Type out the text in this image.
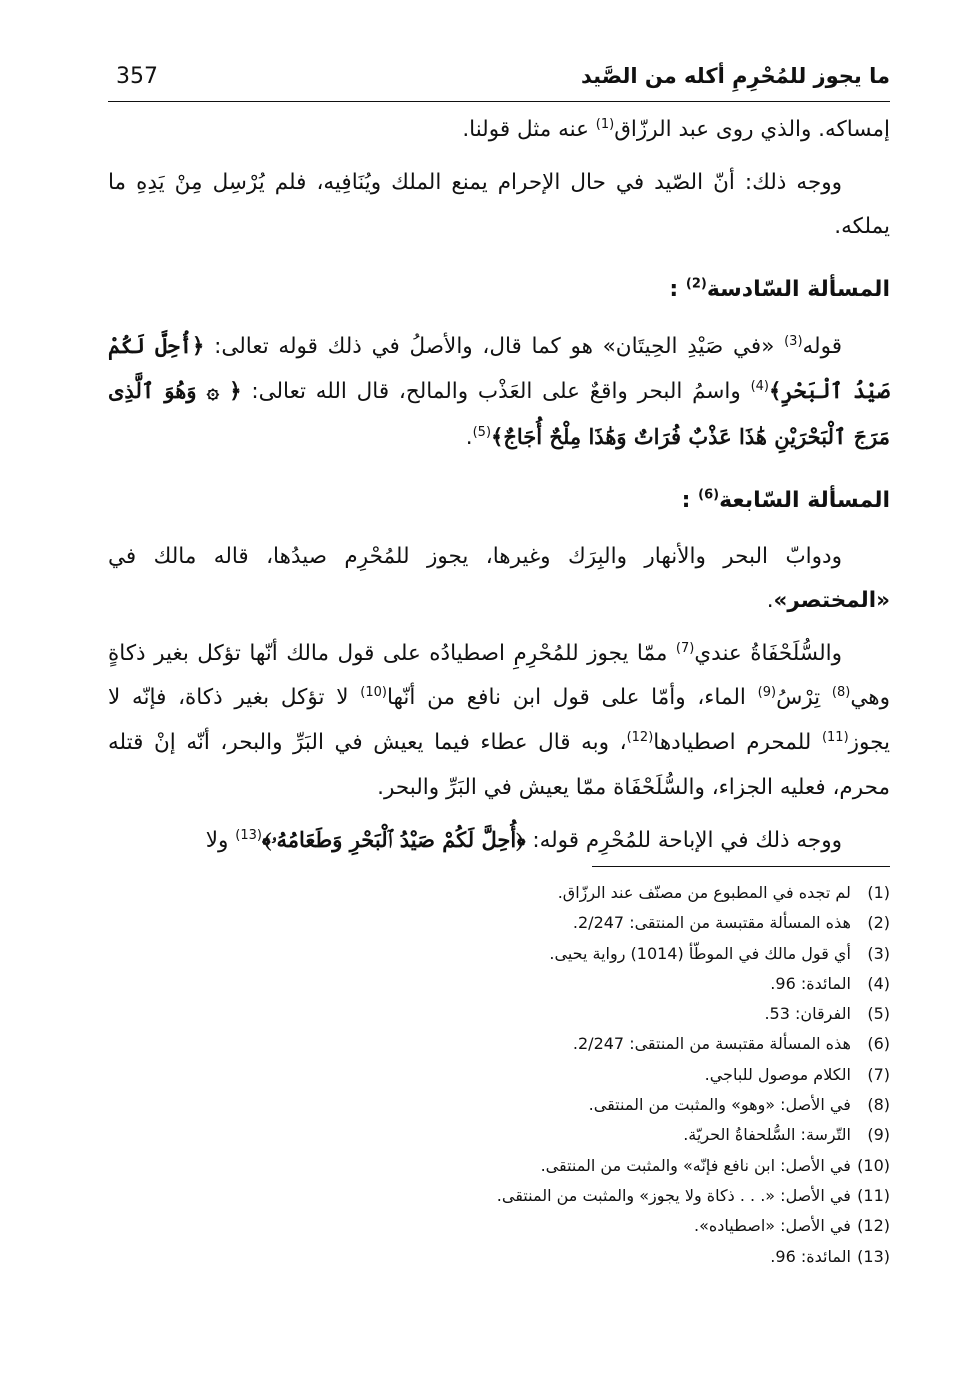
ما يجوز للمُحْرِمِ أكله من الصَّيد
357

إمساكه. والذي روى عبد الرزّاق$^{(1)}$ عنه مثل قولنا.

ووجه ذلك: أنّ الصّيد في حال الإحرام يمنع الملك ويُنَافِيه، فلم يُرْسِل مِنْ يَدِهِ ما يملكه.

المسألة السّادسة$^{(2)}$ :

قوله$^{(3)}$ «في صَيْدِ الحِيتَان» هو كما قال، والأصلُ في ذلك قوله تعالى: ﴿أُحِلَّ لَكُمْ صَيْدُ ٱلْبَحْرِ﴾$^{(4)}$ واسمُ البحر واقعٌ على العَذْب والمالح، قال الله تعالى: ﴿ ۞ وَهُوَ ٱلَّذِى مَرَجَ ٱلْبَحْرَيْنِ هَٰذَا عَذْبٌ فُرَاتٌ وَهَٰذَا مِلْحٌ أُجَاجٌ﴾$^{(5)}$.

المسألة السّابعة$^{(6)}$ :

ودوابّ البحر والأنهار والبِرَك وغيرها، يجوز للمُحْرِم صيدُها، قاله مالك في «المختصر».

والسُّلَحْفَاةُ عندي$^{(7)}$ ممّا يجوز للمُحْرِمِ اصطيادُه على قول مالك أنّها تؤكل بغير ذكاةٍ وهي$^{(8)}$ تِرْسُ$^{(9)}$ الماء، وأمّا على قول ابن نافع من أنّها$^{(10)}$ لا تؤكل بغير ذكاة، فإنّه لا يجوز$^{(11)}$ للمحرم اصطيادها$^{(12)}$، وبه قال عطاء فيما يعيش في البَرِّ والبحر، أنّه إنْ قتله محرم، فعليه الجزاء، والسُّلَحْفَاة ممّا يعيش في البَرِّ والبحر.

ووجه ذلك في الإباحة للمُحْرِم قوله: ﴿أُحِلَّ لَكُمْ صَيْدُ ٱلْبَحْرِ وَطَعَامُهُۥ﴾$^{(13)}$ ولا

(1) لم تجده في المطبوع من مصنّف عند الرزّاق.
(2) هذه المسألة مقتبسة من المنتقى: 2/247.
(3) أي قول مالك في الموطّأ (1014) رواية يحيى.
(4) المائدة: 96.
(5) الفرقان: 53.
(6) هذه المسألة مقتبسة من المنتقى: 2/247.
(7) الكلام موصول للباجي.
(8) في الأصل: «وهو» والمثبت من المنتقى.
(9) التّرسة: السُّلحفاةُ الحريّة.
(10) في الأصل: ابن نافع فإنّه» والمثبت من المنتقى.
(11) في الأصل: «. . . ذكاة ولا يجوز» والمثبت من المنتقى.
(12) في الأصل: «اصطياده».
(13) المائدة: 96.
